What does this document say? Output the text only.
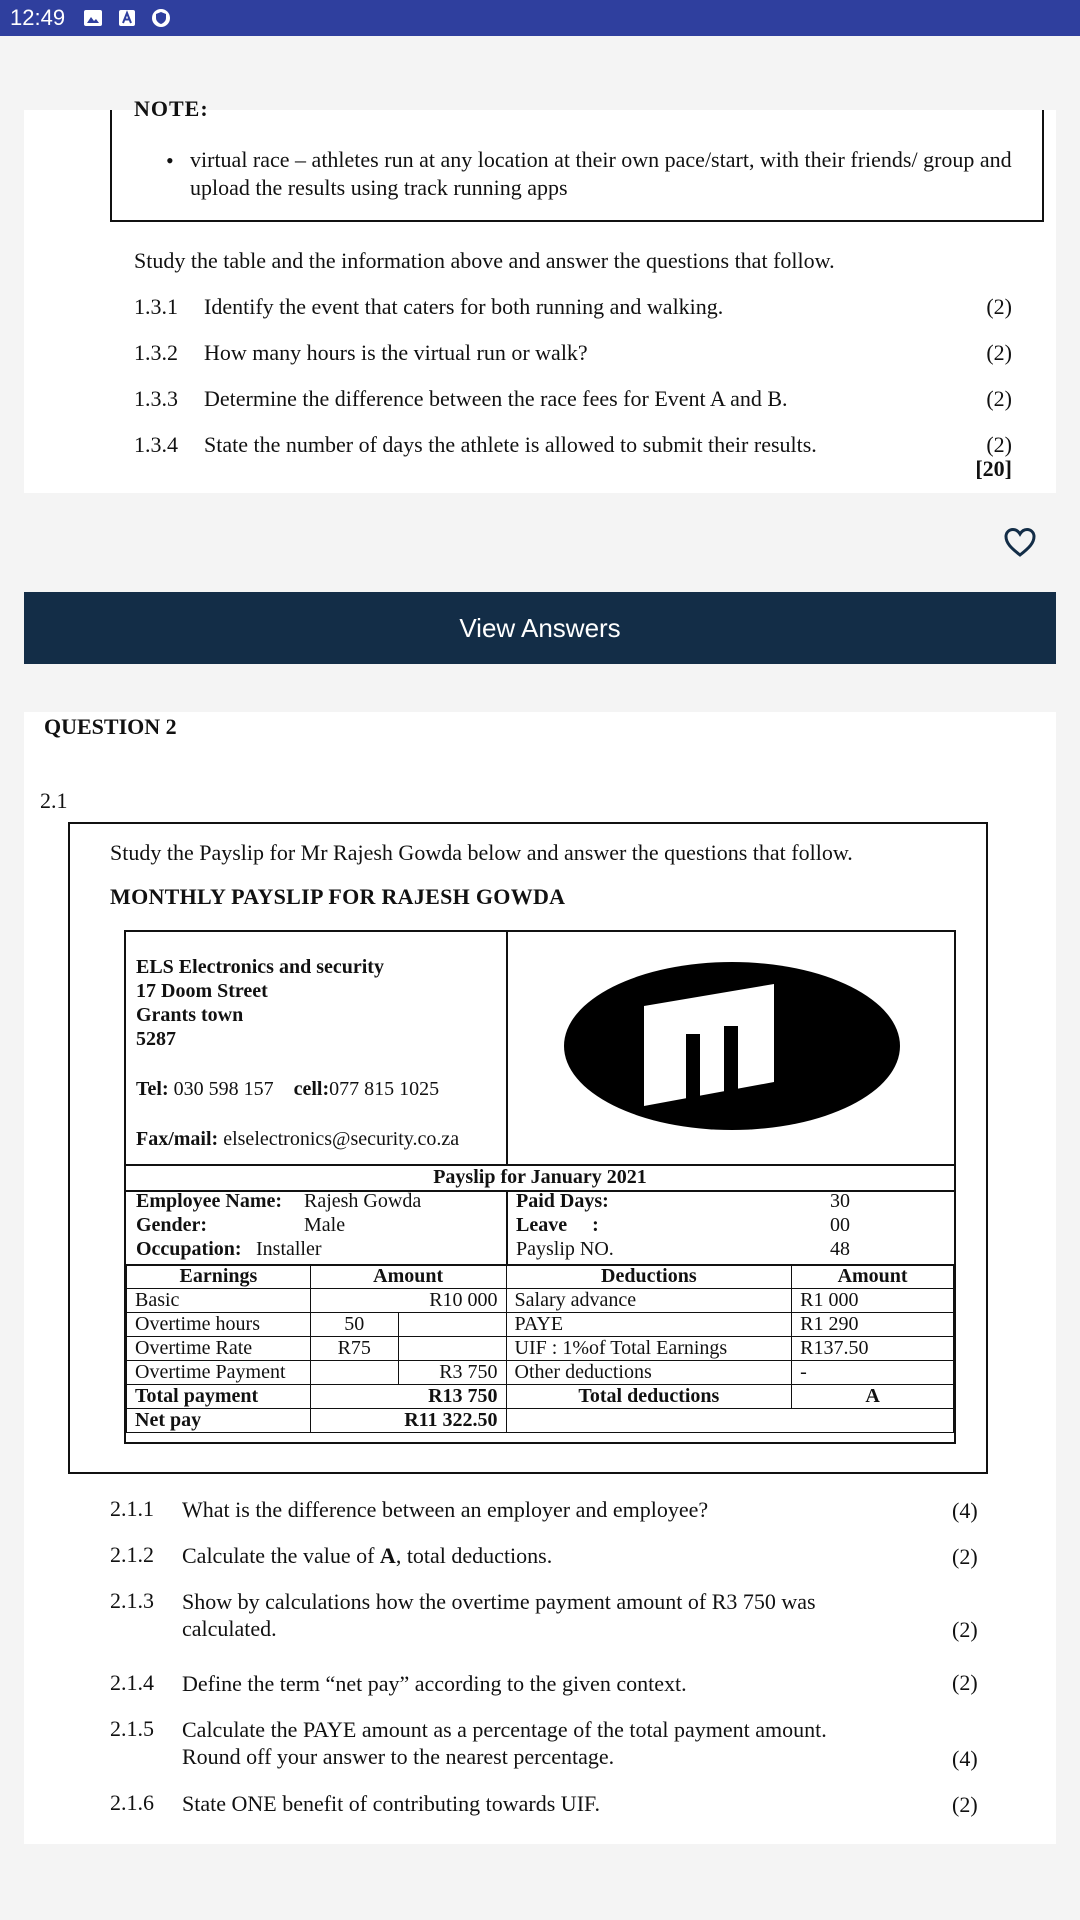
12:49
NOTE:
• virtual race – athletes run at any location at their own pace/start, with their friends/ group and upload the results using track running apps
Study the table and the information above and answer the questions that follow.
1.3.1 Identify the event that caters for both running and walking.	(2)
1.3.2 How many hours is the virtual run or walk?	(2)
1.3.3 Determine the difference between the race fees for Event A and B.	(2)
1.3.4 State the number of days the athlete is allowed to submit their results.	(2)
[20]
View Answers
QUESTION 2
2.1
Study the Payslip for Mr Rajesh Gowda below and answer the questions that follow.
MONTHLY PAYSLIP FOR RAJESH GOWDA
ELS Electronics and security
17 Doom Street
Grants town
5287
Tel: 030 598 157 cell:077 815 1025
Fax/mail: elselectronics@security.co.za
Payslip for January 2021
Employee Name: Rajesh Gowda
Gender:	Male
Occupation: Installer
Paid Days:	30
Leave     :	00
Payslip NO.	48
Earnings	Amount		Deductions	Amount
Basic	R10 000		Salary advance	R1 000
Overtime hours	50		PAYE	R1 290
Overtime Rate	R75		UIF : 1%of Total Earnings	R137.50
Overtime Payment		R3 750	Other deductions	-
Total payment	R13 750		Total deductions	A
Net pay	R11 322.50			
2.1.1 What is the difference between an employer and employee?	(4)
2.1.2 Calculate the value of A, total deductions.	(2)
2.1.3 Show by calculations how the overtime payment amount of R3 750 was calculated.	(2)
2.1.4 Define the term “net pay” according to the given context.	(2)
2.1.5 Calculate the PAYE amount as a percentage of the total payment amount. Round off your answer to the nearest percentage.	(4)
2.1.6 State ONE benefit of contributing towards UIF.	(2)
